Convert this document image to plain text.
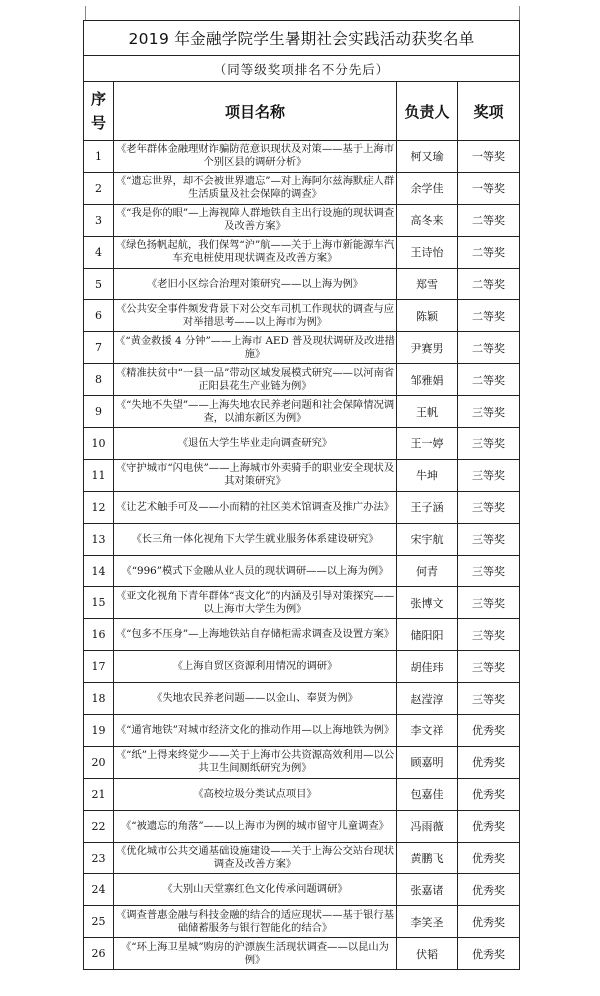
2019 年金融学院学生暑期社会实践活动获奖名单			
（同等级奖项排名不分先后）			
序号	项目名称	负责人	奖项
1	《老年群体金融理财诈骗防范意识现状及对策——基于上海市个别区县的调研分析》	柯又瑜	一等奖
2	《“遗忘世界，却不会被世界遗忘”—对上海阿尔兹海默症人群生活质量及社会保障的调查》	余学佳	一等奖
3	《“我是你的眼”—上海视障人群地铁自主出行设施的现状调查及改善方案》	高冬来	二等奖
4	《绿色扬帆起航，我们保驾“沪”航——关于上海市新能源车汽车充电桩使用现状调查及改善方案》	王诗怡	二等奖
5	《老旧小区综合治理对策研究——以上海为例》	郑雪	二等奖
6	《公共安全事件频发背景下对公交车司机工作现状的调查与应对举措思考——以上海市为例》	陈颖	二等奖
7	《“黄金救援 4 分钟”——上海市 AED 普及现状调研及改进措施》	尹赛男	二等奖
8	《精准扶贫中“一县一品”带动区域发展模式研究——以河南省正阳县花生产业链为例》	邹雅娟	二等奖
9	《“失地不失望”——上海失地农民养老问题和社会保障情况调查，以浦东新区为例》	王帆	三等奖
10	《退伍大学生毕业走向调查研究》	王一婷	三等奖
11	《守护城市“闪电侠”——上海城市外卖骑手的职业安全现状及其对策研究》	牛坤	三等奖
12	《让艺术触手可及——小而精的社区美术馆调查及推广办法》	王子涵	三等奖
13	《长三角一体化视角下大学生就业服务体系建设研究》	宋宇航	三等奖
14	《“996”模式下金融从业人员的现状调研——以上海为例》	何青	三等奖
15	《亚文化视角下青年群体“丧文化”的内涵及引导对策探究——以上海市大学生为例》	张博文	三等奖
16	《“包多不压身”—上海地铁站自存储柜需求调查及设置方案》	储阳阳	三等奖
17	《上海自贸区资源利用情况的调研》	胡佳玮	三等奖
18	《失地农民养老问题——以金山、奉贤为例》	赵滢淳	三等奖
19	《“通宵地铁”对城市经济文化的推动作用—以上海地铁为例》	李文祥	优秀奖
20	《“纸”上得来终觉少——关于上海市公共资源高效利用—以公共卫生间厕纸研究为例》	顾嘉明	优秀奖
21	《高校垃圾分类试点项目》	包嘉佳	优秀奖
22	《“被遗忘的角落”——以上海市为例的城市留守儿童调查》	冯雨薇	优秀奖
23	《优化城市公共交通基础设施建设——关于上海公交站台现状调查及改善方案》	黄鹏飞	优秀奖
24	《大别山天堂寨红色文化传承问题调研》	张嘉诸	优秀奖
25	《调查普惠金融与科技金融的结合的适应现状——基于银行基础储蓄服务与银行智能化的结合》	李笑圣	优秀奖
26	《“环上海卫星城”购房的沪漂族生活现状调查——以昆山为例》	伏韬	优秀奖
